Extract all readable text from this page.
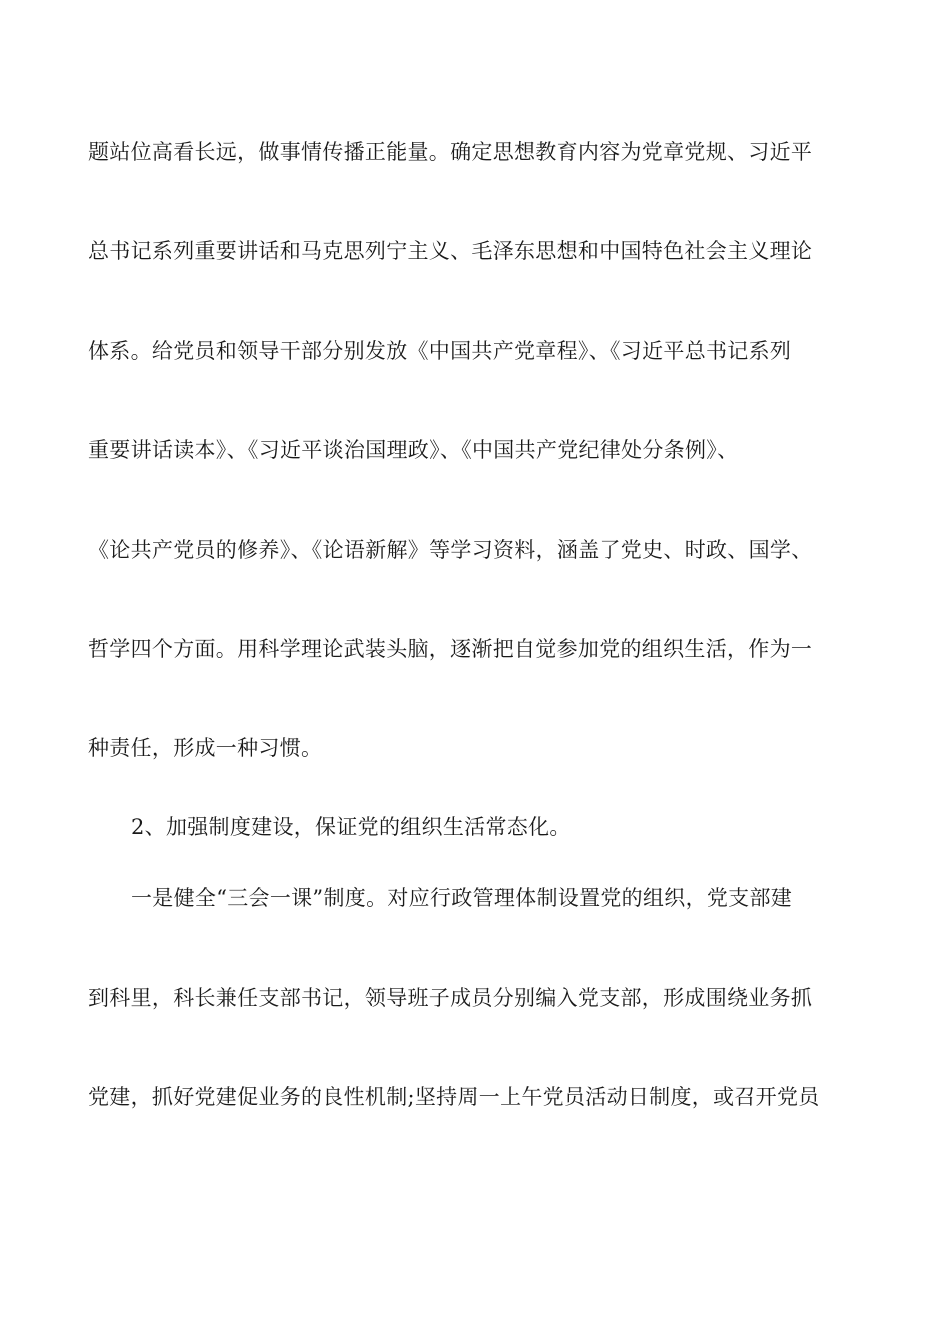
题站位高看长远，做事情传播正能量。确定思想教育内容为党章党规、习近平
总书记系列重要讲话和马克思列宁主义、毛泽东思想和中国特色社会主义理论
体系。给党员和领导干部分别发放《中国共产党章程》、《习近平总书记系列
重要讲话读本》、《习近平谈治国理政》、《中国共产党纪律处分条例》、
《论共产党员的修养》、《论语新解》等学习资料，涵盖了党史、时政、国学、
哲学四个方面。用科学理论武装头脑，逐渐把自觉参加党的组织生活，作为一
种责任，形成一种习惯。
2、加强制度建设，保证党的组织生活常态化。
一是健全“三会一课”制度。对应行政管理体制设置党的组织，党支部建
到科里，科长兼任支部书记，领导班子成员分别编入党支部，形成围绕业务抓
党建，抓好党建促业务的良性机制;坚持周一上午党员活动日制度，或召开党员
